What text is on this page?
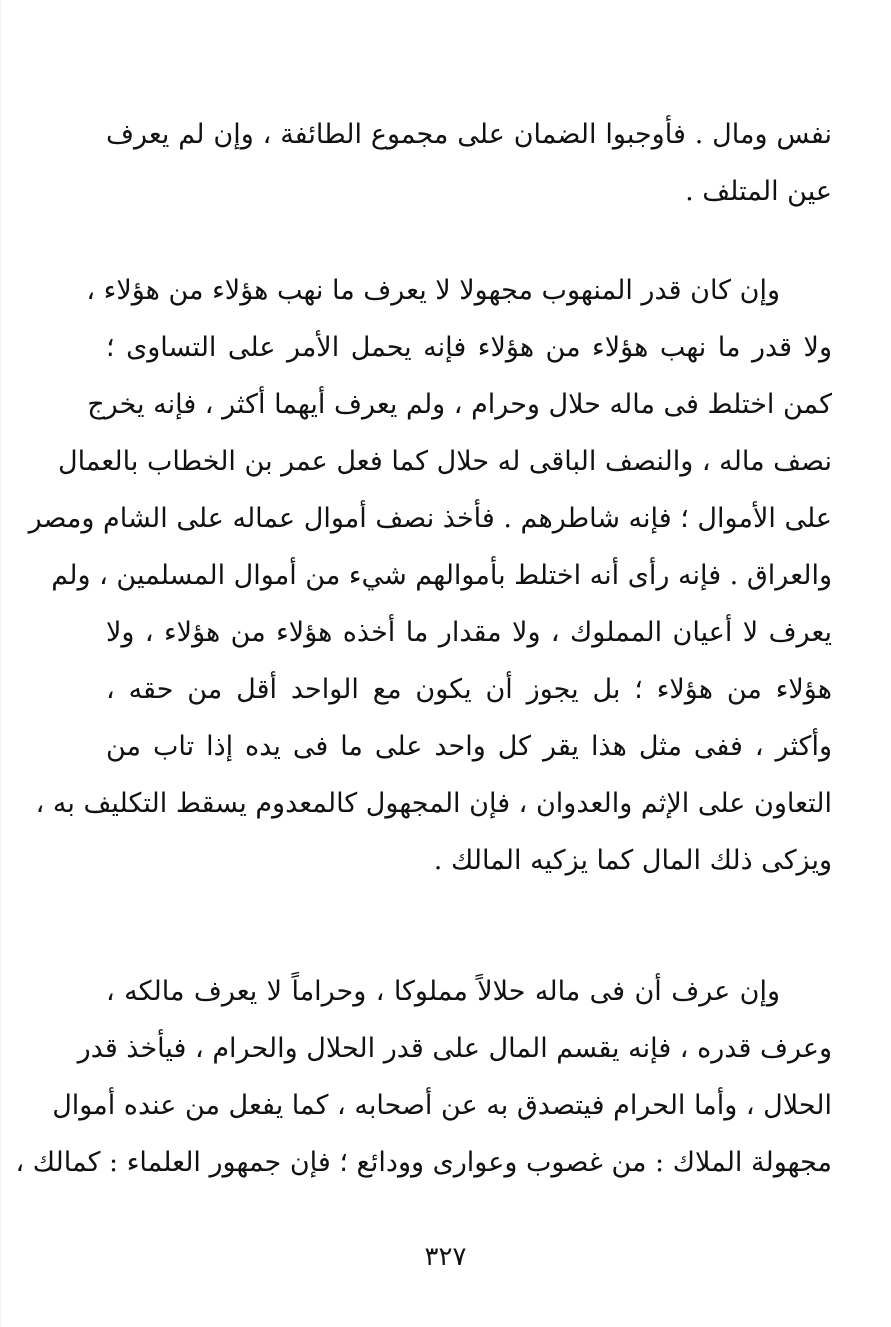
نفس ومال . فأوجبوا الضمان على مجموع الطائفة ، وإن لم يعرف
عين المتلف .
وإن كان قدر المنهوب مجهولا لا يعرف ما نهب هؤلاء من هؤلاء ،
ولا قدر ما نهب هؤلاء من هؤلاء فإنه يحمل الأمر على التساوى ؛
كمن اختلط فى ماله حلال وحرام ، ولم يعرف أيهما أكثر ، فإنه يخرج
نصف ماله ، والنصف الباقى له حلال كما فعل عمر بن الخطاب بالعمال
على الأموال ؛ فإنه شاطرهم . فأخذ نصف أموال عماله على الشام ومصر
والعراق . فإنه رأى أنه اختلط بأموالهم شيء من أموال المسلمين ، ولم
يعرف لا أعيان المملوك ، ولا مقدار ما أخذه هؤلاء من هؤلاء ، ولا
هؤلاء من هؤلاء ؛ بل يجوز أن يكون مع الواحد أقل من حقه ،
وأكثر ، ففى مثل هذا يقر كل واحد على ما فى يده إذا تاب من
التعاون على الإثم والعدوان ، فإن المجهول كالمعدوم يسقط التكليف به ،
ويزكى ذلك المال كما يزكيه المالك .
وإن عرف أن فى ماله حلالاً مملوكا ، وحراماً لا يعرف مالكه ،
وعرف قدره ، فإنه يقسم المال على قدر الحلال والحرام ، فيأخذ قدر
الحلال ، وأما الحرام فيتصدق به عن أصحابه ، كما يفعل من عنده أموال
مجهولة الملاك : من غصوب وعوارى وودائع ؛ فإن جمهور العلماء : كمالك ،
٣٢٧
